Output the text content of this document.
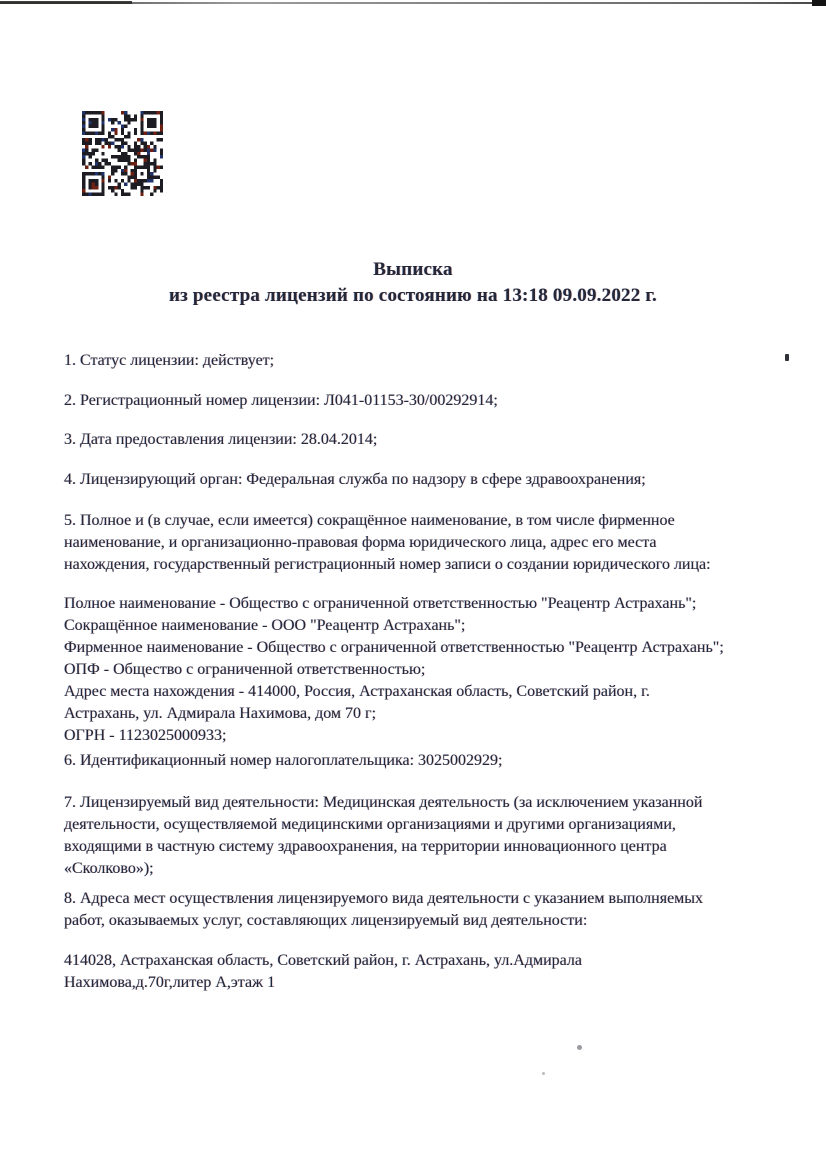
Выписка
из реестра лицензий по состоянию на 13:18 09.09.2022 г.
1. Статус лицензии: действует;
2. Регистрационный номер лицензии: Л041-01153-30/00292914;
3. Дата предоставления лицензии: 28.04.2014;
4. Лицензирующий орган: Федеральная служба по надзору в сфере здравоохранения;
5. Полное и (в случае, если имеется) сокращённое наименование, в том числе фирменное
наименование, и организационно-правовая форма юридического лица, адрес его места
нахождения, государственный регистрационный номер записи о создании юридического лица:
Полное наименование - Общество с ограниченной ответственностью "Реацентр Астрахань";
Сокращённое наименование - ООО "Реацентр Астрахань";
Фирменное наименование - Общество с ограниченной ответственностью "Реацентр Астрахань";
ОПФ - Общество с ограниченной ответственностью;
Адрес места нахождения - 414000, Россия, Астраханская область, Советский район, г.
Астрахань, ул. Адмирала Нахимова, дом 70 г;
ОГРН - 1123025000933;
6. Идентификационный номер налогоплательщика: 3025002929;
7. Лицензируемый вид деятельности: Медицинская деятельность (за исключением указанной
деятельности, осуществляемой медицинскими организациями и другими организациями,
входящими в частную систему здравоохранения, на территории инновационного центра
«Сколково»);
8. Адреса мест осуществления лицензируемого вида деятельности с указанием выполняемых
работ, оказываемых услуг, составляющих лицензируемый вид деятельности:
414028, Астраханская область, Советский район, г. Астрахань, ул.Адмирала
Нахимова,д.70г,литер А,этаж 1
